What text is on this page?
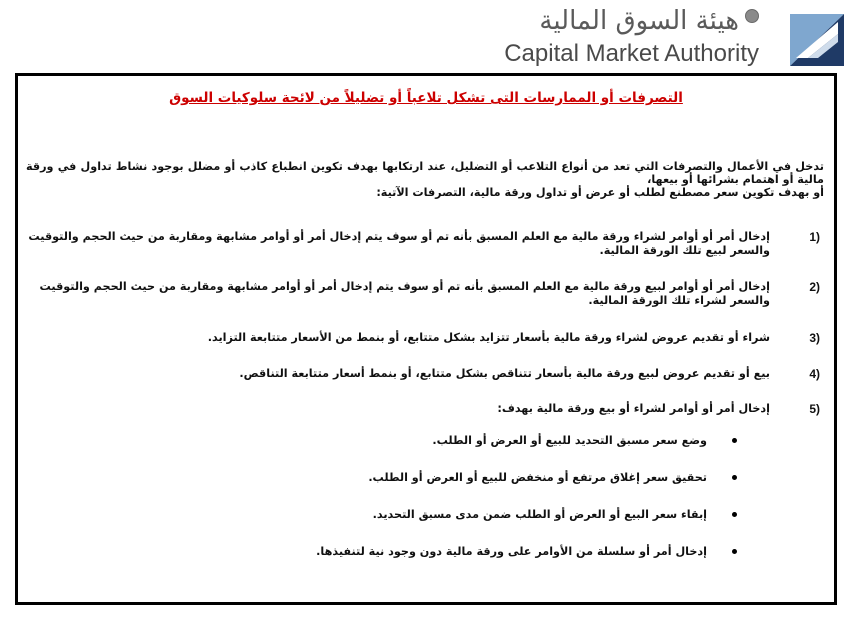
هيئة السوق المالية
Capital Market Authority
التصرفات أو الممارسات التى تشكل تلاعباً أو تضليلاً من لائحة سلوكيات السوق

تدخل في الأعمال والتصرفات التي تعد من أنواع التلاعب أو التضليل، عند ارتكابها بهدف تكوين انطباع كاذب أو مضلل بوجود نشاط تداول في ورقة مالية أو اهتمام بشرائها أو بيعها،

أو بهدف تكوين سعر مصطنع لطلب أو عرض أو تداول ورقة مالية، التصرفات الآتية:

1)
إدخال أمر أو أوامر لشراء ورقة مالية مع العلم المسبق بأنه تم أو سوف يتم إدخال أمر أو أوامر مشابهة ومقاربة من حيث الحجم والتوقيت والسعر لبيع تلك الورقة المالية.
2)
إدخال أمر أو أوامر لبيع ورقة مالية مع العلم المسبق بأنه تم أو سوف يتم إدخال أمر أو أوامر مشابهة ومقاربة من حيث الحجم والتوقيت والسعر لشراء تلك الورقة المالية.
3)
شراء أو تقديم عروض لشراء ورقة مالية بأسعار تتزايد بشكل متتابع، أو بنمط من الأسعار متتابعة التزايد.
4)
بيع أو تقديم عروض لبيع ورقة مالية بأسعار تتناقص بشكل متتابع، أو بنمط أسعار متتابعة التناقص.
5)
إدخال أمر أو أوامر لشراء أو بيع ورقة مالية بهدف:
وضع سعر مسبق التحديد للبيع أو العرض أو الطلب.
تحقيق سعر إغلاق مرتفع أو منخفض للبيع أو العرض أو الطلب.
إبقاء سعر البيع أو العرض أو الطلب ضمن مدى مسبق التحديد.
إدخال أمر أو سلسلة من الأوامر على ورقة مالية دون وجود نية لتنفيذها.
